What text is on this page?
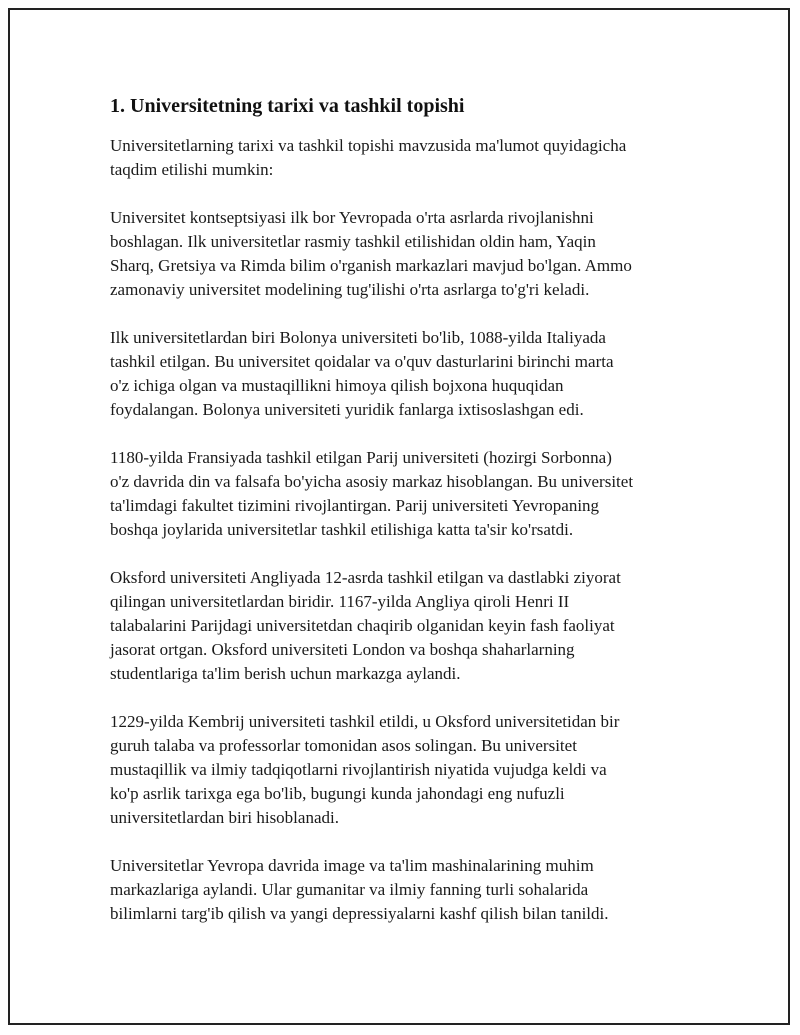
1. Universitetning tarixi va tashkil topishi

Universitetlarning tarixi va tashkil topishi mavzusida ma'lumot quyidagicha
taqdim etilishi mumkin:

Universitet kontseptsiyasi ilk bor Yevropada o'rta asrlarda rivojlanishni
boshlagan. Ilk universitetlar rasmiy tashkil etilishidan oldin ham, Yaqin
Sharq, Gretsiya va Rimda bilim o'rganish markazlari mavjud bo'lgan. Ammo
zamonaviy universitet modelining tug'ilishi o'rta asrlarga to'g'ri keladi.

Ilk universitetlardan biri Bolonya universiteti bo'lib, 1088-yilda Italiyada
tashkil etilgan. Bu universitet qoidalar va o'quv dasturlarini birinchi marta
o'z ichiga olgan va mustaqillikni himoya qilish bojxona huquqidan
foydalangan. Bolonya universiteti yuridik fanlarga ixtisoslashgan edi.

1180-yilda Fransiyada tashkil etilgan Parij universiteti (hozirgi Sorbonna)
o'z davrida din va falsafa bo'yicha asosiy markaz hisoblangan. Bu universitet
ta'limdagi fakultet tizimini rivojlantirgan. Parij universiteti Yevropaning
boshqa joylarida universitetlar tashkil etilishiga katta ta'sir ko'rsatdi.

Oksford universiteti Angliyada 12-asrda tashkil etilgan va dastlabki ziyorat
qilingan universitetlardan biridir. 1167-yilda Angliya qiroli Henri II
talabalarini Parijdagi universitetdan chaqirib olganidan keyin fash faoliyat
jasorat ortgan. Oksford universiteti London va boshqa shaharlarning
studentlariga ta'lim berish uchun markazga aylandi.

1229-yilda Kembrij universiteti tashkil etildi, u Oksford universitetidan bir
guruh talaba va professorlar tomonidan asos solingan. Bu universitet
mustaqillik va ilmiy tadqiqotlarni rivojlantirish niyatida vujudga keldi va
ko'p asrlik tarixga ega bo'lib, bugungi kunda jahondagi eng nufuzli
universitetlardan biri hisoblanadi.

Universitetlar Yevropa davrida image va ta'lim mashinalarining muhim
markazlariga aylandi. Ular gumanitar va ilmiy fanning turli sohalarida
bilimlarni targ'ib qilish va yangi depressiyalarni kashf qilish bilan tanildi.
